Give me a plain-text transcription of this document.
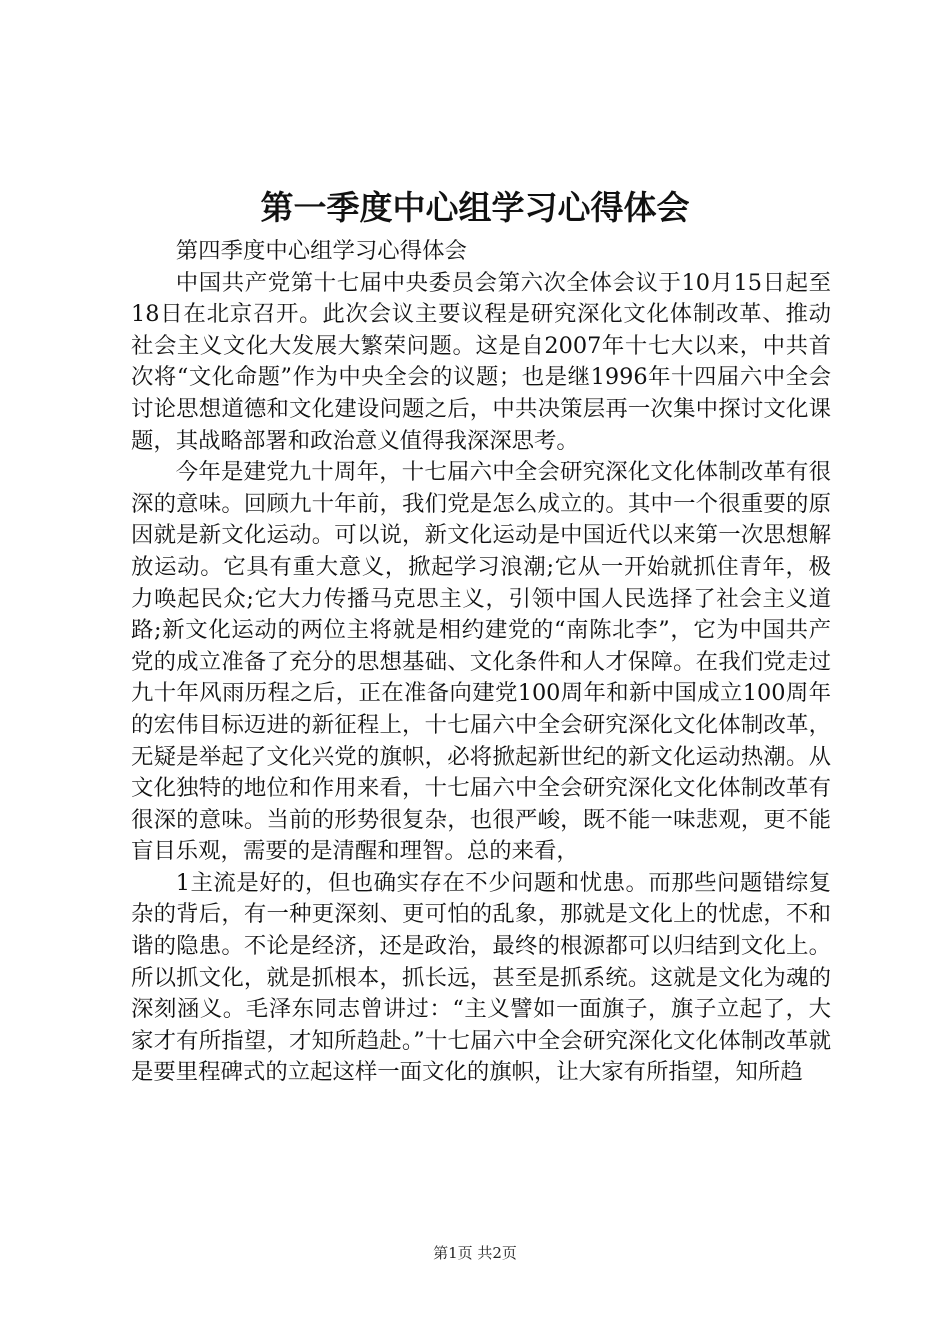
第一季度中心组学习心得体会

第四季度中心组学习心得体会

中国共产党第十七届中央委员会第六次全体会议于10月15日起至18日在北京召开。此次会议主要议程是研究深化文化体制改革、推动社会主义文化大发展大繁荣问题。这是自2007年十七大以来，中共首次将“文化命题”作为中央全会的议题；也是继1996年十四届六中全会讨论思想道德和文化建设问题之后，中共决策层再一次集中探讨文化课题，其战略部署和政治意义值得我深深思考。

今年是建党九十周年，十七届六中全会研究深化文化体制改革有很深的意味。回顾九十年前，我们党是怎么成立的。其中一个很重要的原因就是新文化运动。可以说，新文化运动是中国近代以来第一次思想解放运动。它具有重大意义，掀起学习浪潮;它从一开始就抓住青年，极力唤起民众;它大力传播马克思主义，引领中国人民选择了社会主义道路;新文化运动的两位主将就是相约建党的“南陈北李”，它为中国共产党的成立准备了充分的思想基础、文化条件和人才保障。在我们党走过九十年风雨历程之后，正在准备向建党100周年和新中国成立100周年的宏伟目标迈进的新征程上，十七届六中全会研究深化文化体制改革，无疑是举起了文化兴党的旗帜，必将掀起新世纪的新文化运动热潮。从文化独特的地位和作用来看，十七届六中全会研究深化文化体制改革有很深的意味。当前的形势很复杂，也很严峻，既不能一味悲观，更不能盲目乐观，需要的是清醒和理智。总的来看，

1主流是好的，但也确实存在不少问题和忧患。而那些问题错综复杂的背后，有一种更深刻、更可怕的乱象，那就是文化上的忧虑，不和谐的隐患。不论是经济，还是政治，最终的根源都可以归结到文化上。所以抓文化，就是抓根本，抓长远，甚至是抓系统。这就是文化为魂的深刻涵义。毛泽东同志曾讲过：“主义譬如一面旗子，旗子立起了，大家才有所指望，才知所趋赴。”十七届六中全会研究深化文化体制改革就是要里程碑式的立起这样一面文化的旗帜，让大家有所指望，知所趋

第1页 共2页
